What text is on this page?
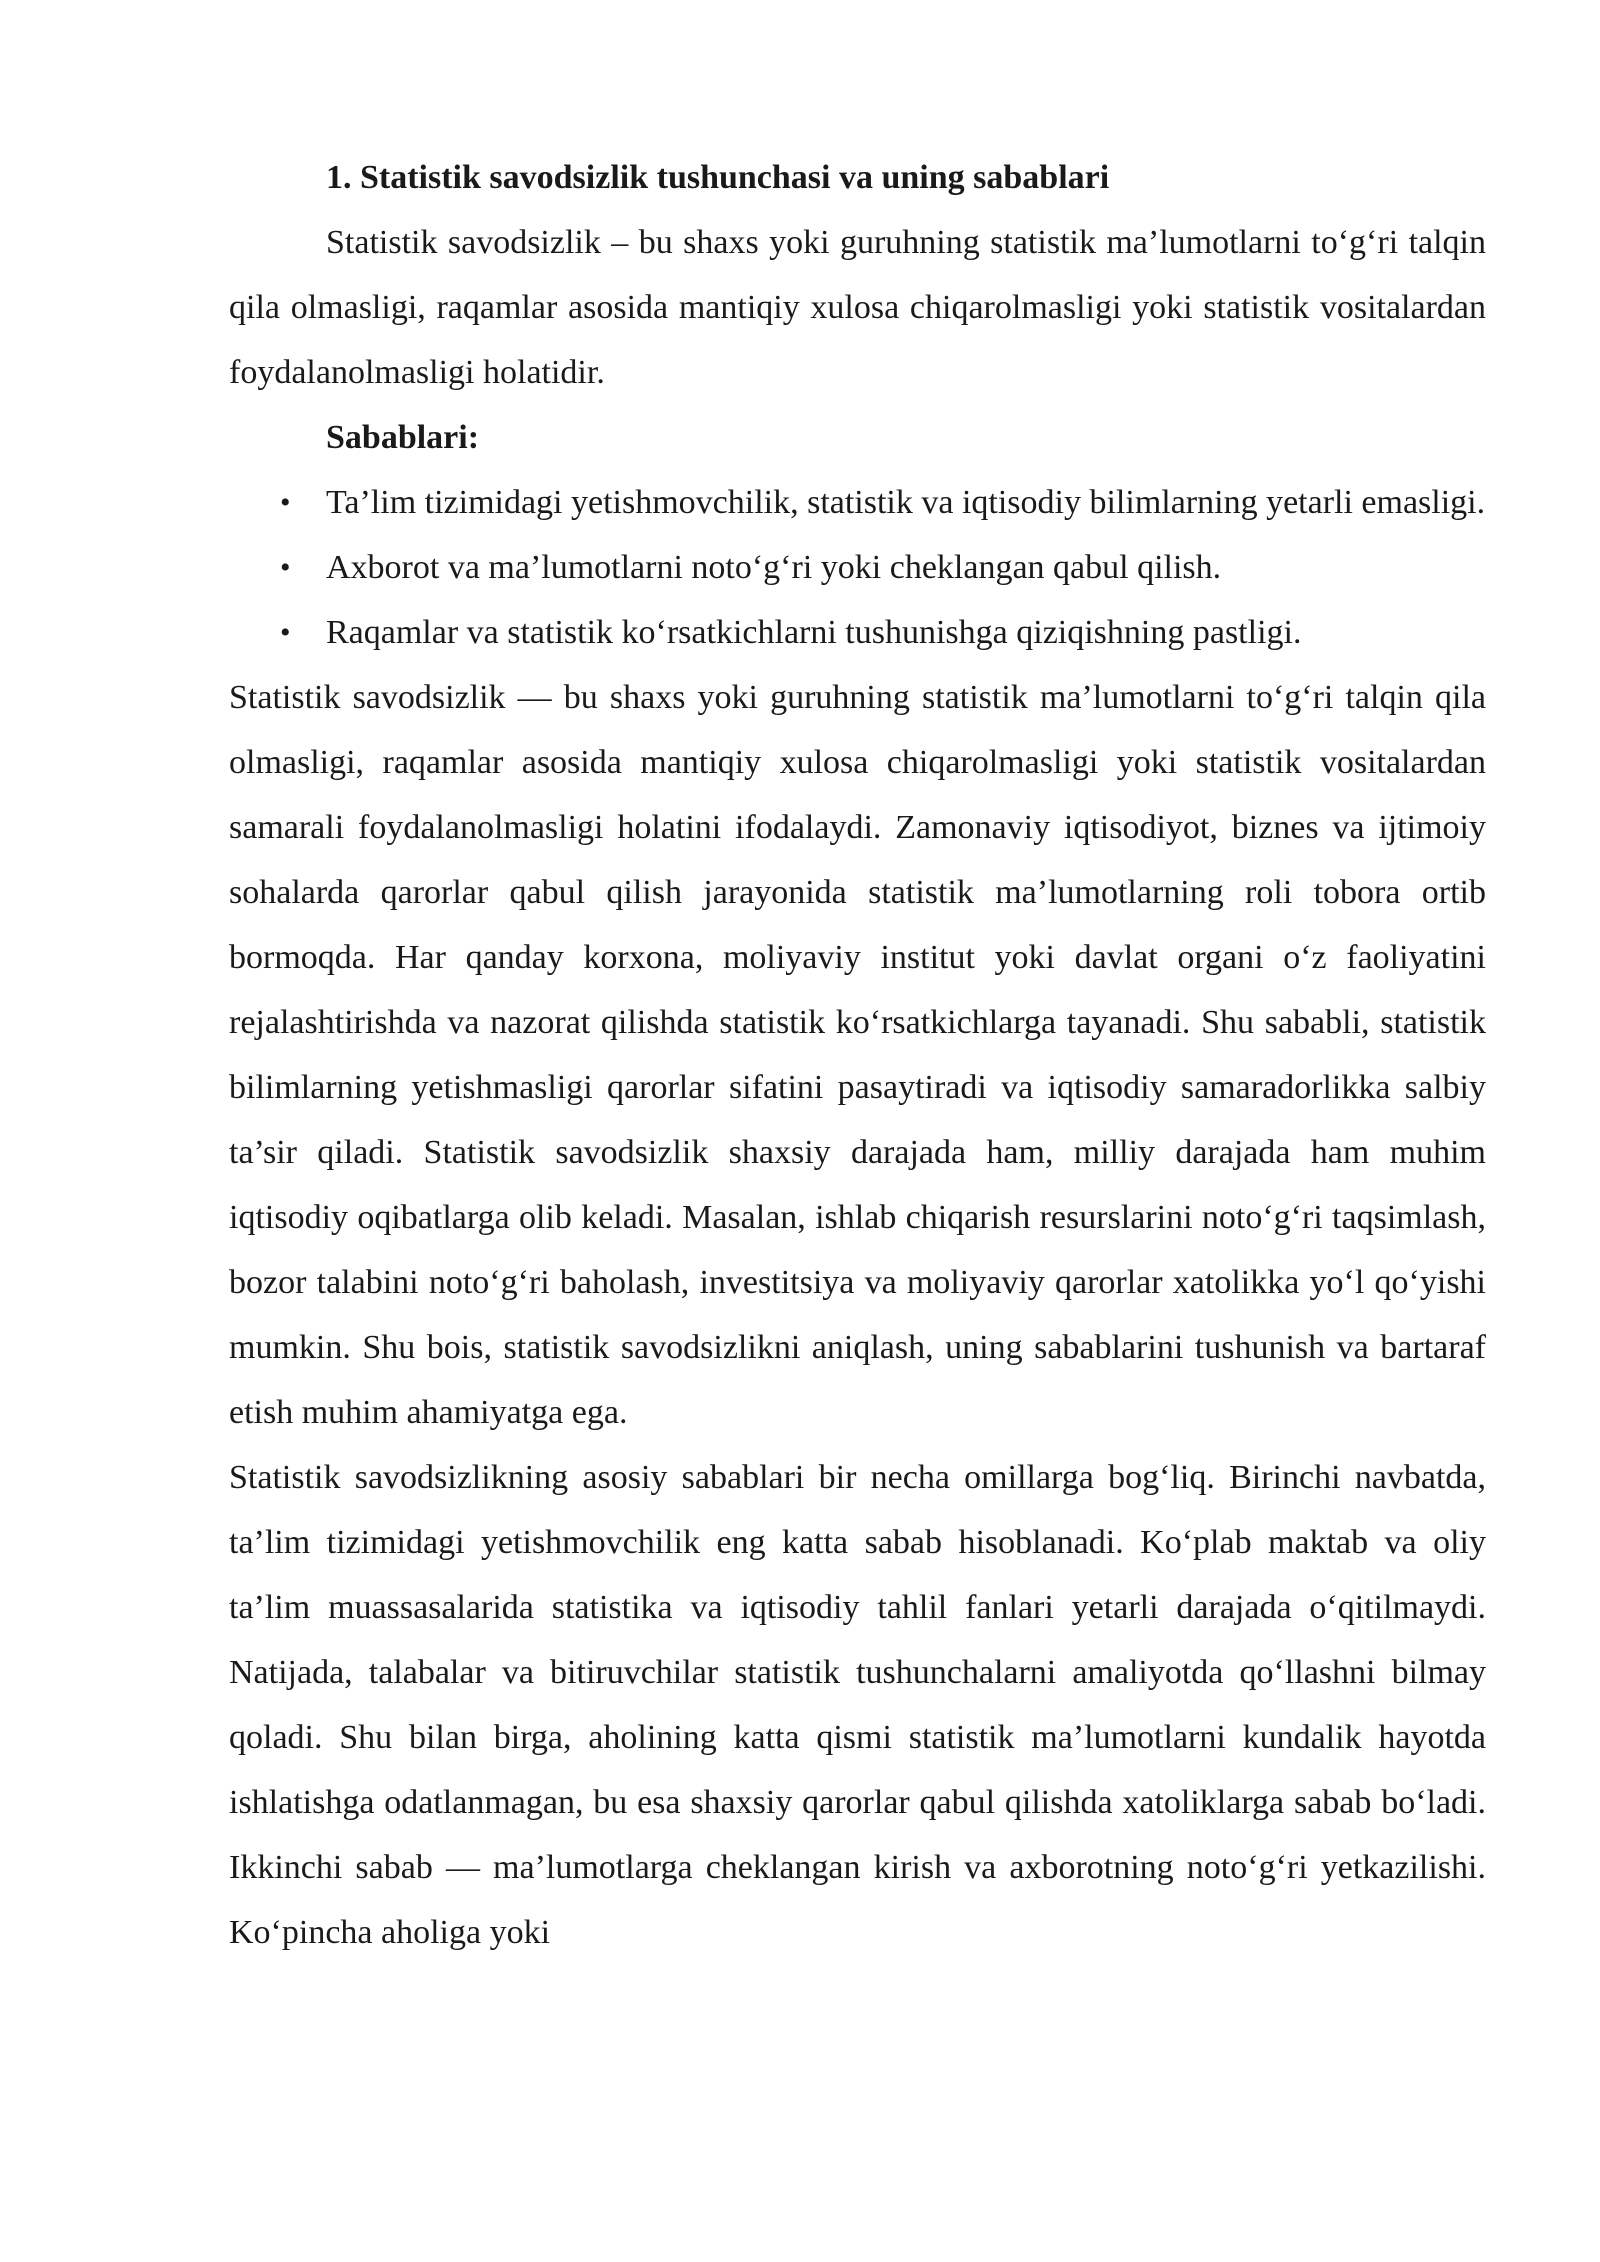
1. Statistik savodsizlik tushunchasi va uning sabablari

Statistik savodsizlik – bu shaxs yoki guruhning statistik ma’lumotlarni to‘g‘ri talqin qila olmasligi, raqamlar asosida mantiqiy xulosa chiqarolmasligi yoki statistik vositalardan foydalanolmasligi holatidir.

Sabablari:

• Ta’lim tizimidagi yetishmovchilik, statistik va iqtisodiy bilimlarning yetarli emasligi.
• Axborot va ma’lumotlarni noto‘g‘ri yoki cheklangan qabul qilish.
• Raqamlar va statistik ko‘rsatkichlarni tushunishga qiziqishning pastligi.

Statistik savodsizlik — bu shaxs yoki guruhning statistik ma’lumotlarni to‘g‘ri talqin qila olmasligi, raqamlar asosida mantiqiy xulosa chiqarolmasligi yoki statistik vositalardan samarali foydalanolmasligi holatini ifodalaydi. Zamonaviy iqtisodiyot, biznes va ijtimoiy sohalarda qarorlar qabul qilish jarayonida statistik ma’lumotlarning roli tobora ortib bormoqda. Har qanday korxona, moliyaviy institut yoki davlat organi o‘z faoliyatini rejalashtirishda va nazorat qilishda statistik ko‘rsatkichlarga tayanadi. Shu sababli, statistik bilimlarning yetishmasligi qarorlar sifatini pasaytiradi va iqtisodiy samaradorlikka salbiy ta’sir qiladi. Statistik savodsizlik shaxsiy darajada ham, milliy darajada ham muhim iqtisodiy oqibatlarga olib keladi. Masalan, ishlab chiqarish resurslarini noto‘g‘ri taqsimlash, bozor talabini noto‘g‘ri baholash, investitsiya va moliyaviy qarorlar xatolikka yo‘l qo‘yishi mumkin. Shu bois, statistik savodsizlikni aniqlash, uning sabablarini tushunish va bartaraf etish muhim ahamiyatga ega.

Statistik savodsizlikning asosiy sabablari bir necha omillarga bog‘liq. Birinchi navbatda, ta’lim tizimidagi yetishmovchilik eng katta sabab hisoblanadi. Ko‘plab maktab va oliy ta’lim muassasalarida statistika va iqtisodiy tahlil fanlari yetarli darajada o‘qitilmaydi. Natijada, talabalar va bitiruvchilar statistik tushunchalarni amaliyotda qo‘llashni bilmay qoladi. Shu bilan birga, aholining katta qismi statistik ma’lumotlarni kundalik hayotda ishlatishga odatlanmagan, bu esa shaxsiy qarorlar qabul qilishda xatoliklarga sabab bo‘ladi. Ikkinchi sabab — ma’lumotlarga cheklangan kirish va axborotning noto‘g‘ri yetkazilishi. Ko‘pincha aholiga yoki
